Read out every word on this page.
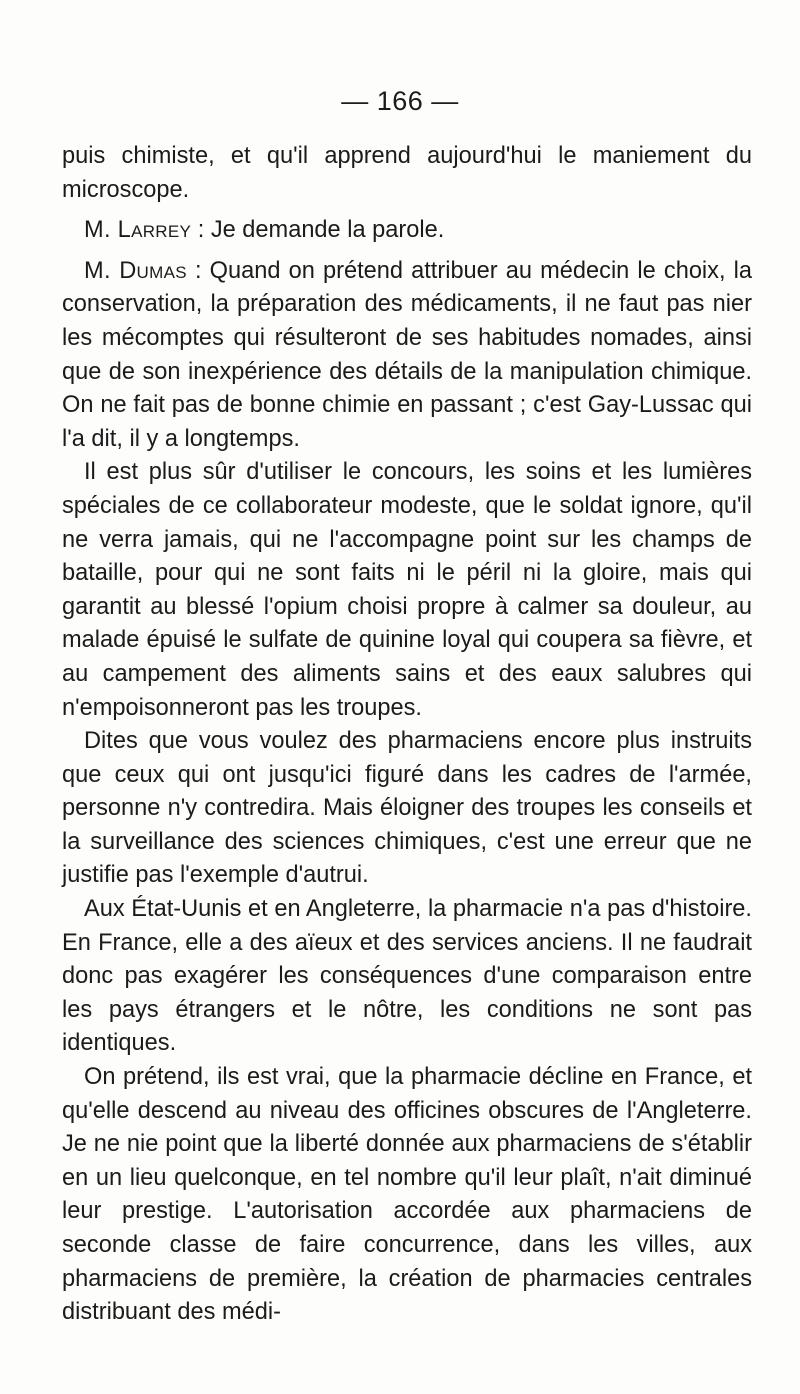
— 166 —

puis chimiste, et qu'il apprend aujourd'hui le maniement du microscope.

M. Larrey : Je demande la parole.

M. Dumas : Quand on prétend attribuer au médecin le choix, la conservation, la préparation des médicaments, il ne faut pas nier les mécomptes qui résulteront de ses habitudes nomades, ainsi que de son inexpérience des détails de la manipulation chimique. On ne fait pas de bonne chimie en passant ; c'est Gay-Lussac qui l'a dit, il y a longtemps.

Il est plus sûr d'utiliser le concours, les soins et les lumières spéciales de ce collaborateur modeste, que le soldat ignore, qu'il ne verra jamais, qui ne l'accompagne point sur les champs de bataille, pour qui ne sont faits ni le péril ni la gloire, mais qui garantit au blessé l'opium choisi propre à calmer sa douleur, au malade épuisé le sulfate de quinine loyal qui coupera sa fièvre, et au campement des aliments sains et des eaux salubres qui n'empoisonneront pas les troupes.

Dites que vous voulez des pharmaciens encore plus instruits que ceux qui ont jusqu'ici figuré dans les cadres de l'armée, personne n'y contredira. Mais éloigner des troupes les conseils et la surveillance des sciences chimiques, c'est une erreur que ne justifie pas l'exemple d'autrui.

Aux État-Uunis et en Angleterre, la pharmacie n'a pas d'histoire. En France, elle a des aïeux et des services anciens. Il ne faudrait donc pas exagérer les conséquences d'une comparaison entre les pays étrangers et le nôtre, les conditions ne sont pas identiques.

On prétend, ils est vrai, que la pharmacie décline en France, et qu'elle descend au niveau des officines obscures de l'Angleterre. Je ne nie point que la liberté donnée aux pharmaciens de s'établir en un lieu quelconque, en tel nombre qu'il leur plaît, n'ait diminué leur prestige. L'autorisation accordée aux pharmaciens de seconde classe de faire concurrence, dans les villes, aux pharmaciens de première, la création de pharmacies centrales distribuant des médi-
